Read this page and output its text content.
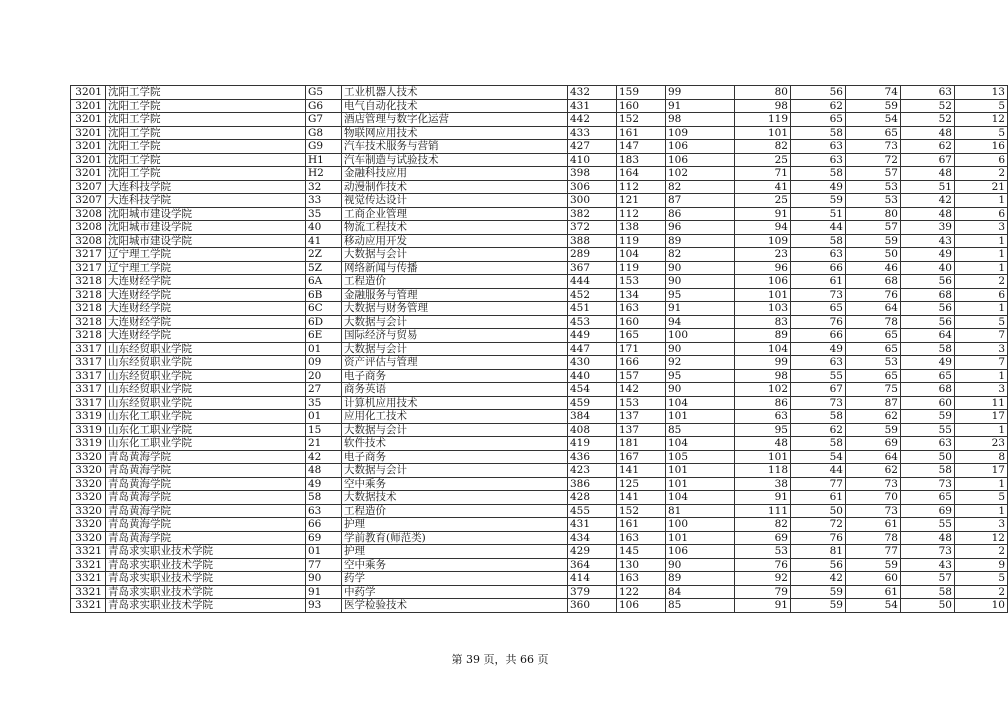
3201	沈阳工学院	G5	工业机器人技术	432	159	99	80	56	74	63	13
3201	沈阳工学院	G6	电气自动化技术	431	160	91	98	62	59	52	5
3201	沈阳工学院	G7	酒店管理与数字化运营	442	152	98	119	65	54	52	12
3201	沈阳工学院	G8	物联网应用技术	433	161	109	101	58	65	48	5
3201	沈阳工学院	G9	汽车技术服务与营销	427	147	106	82	63	73	62	16
3201	沈阳工学院	H1	汽车制造与试验技术	410	183	106	25	63	72	67	6
3201	沈阳工学院	H2	金融科技应用	398	164	102	71	58	57	48	2
3207	大连科技学院	32	动漫制作技术	306	112	82	41	49	53	51	21
3207	大连科技学院	33	视觉传达设计	300	121	87	25	59	53	42	1
3208	沈阳城市建设学院	35	工商企业管理	382	112	86	91	51	80	48	6
3208	沈阳城市建设学院	40	物流工程技术	372	138	96	94	44	57	39	3
3208	沈阳城市建设学院	41	移动应用开发	388	119	89	109	58	59	43	1
3217	辽宁理工学院	2Z	大数据与会计	289	104	82	23	63	50	49	1
3217	辽宁理工学院	5Z	网络新闻与传播	367	119	90	96	66	46	40	1
3218	大连财经学院	6A	工程造价	444	153	90	106	61	68	56	2
3218	大连财经学院	6B	金融服务与管理	452	134	95	101	73	76	68	6
3218	大连财经学院	6C	大数据与财务管理	451	163	91	103	65	64	56	1
3218	大连财经学院	6D	大数据与会计	453	160	94	83	76	78	56	5
3218	大连财经学院	6E	国际经济与贸易	449	165	100	89	66	65	64	7
3317	山东经贸职业学院	01	大数据与会计	447	171	90	104	49	65	58	3
3317	山东经贸职业学院	09	资产评估与管理	430	166	92	99	63	53	49	7
3317	山东经贸职业学院	20	电子商务	440	157	95	98	55	65	65	1
3317	山东经贸职业学院	27	商务英语	454	142	90	102	67	75	68	3
3317	山东经贸职业学院	35	计算机应用技术	459	153	104	86	73	87	60	11
3319	山东化工职业学院	01	应用化工技术	384	137	101	63	58	62	59	17
3319	山东化工职业学院	15	大数据与会计	408	137	85	95	62	59	55	1
3319	山东化工职业学院	21	软件技术	419	181	104	48	58	69	63	23
3320	青岛黄海学院	42	电子商务	436	167	105	101	54	64	50	8
3320	青岛黄海学院	48	大数据与会计	423	141	101	118	44	62	58	17
3320	青岛黄海学院	49	空中乘务	386	125	101	38	77	73	73	1
3320	青岛黄海学院	58	大数据技术	428	141	104	91	61	70	65	5
3320	青岛黄海学院	63	工程造价	455	152	81	111	50	73	69	1
3320	青岛黄海学院	66	护理	431	161	100	82	72	61	55	3
3320	青岛黄海学院	69	学前教育(师范类)	434	163	101	69	76	78	48	12
3321	青岛求实职业技术学院	01	护理	429	145	106	53	81	77	73	2
3321	青岛求实职业技术学院	77	空中乘务	364	130	90	76	56	59	43	9
3321	青岛求实职业技术学院	90	药学	414	163	89	92	42	60	57	5
3321	青岛求实职业技术学院	91	中药学	379	122	84	79	59	61	58	2
3321	青岛求实职业技术学院	93	医学检验技术	360	106	85	91	59	54	50	10
第 39 页，共 66 页
